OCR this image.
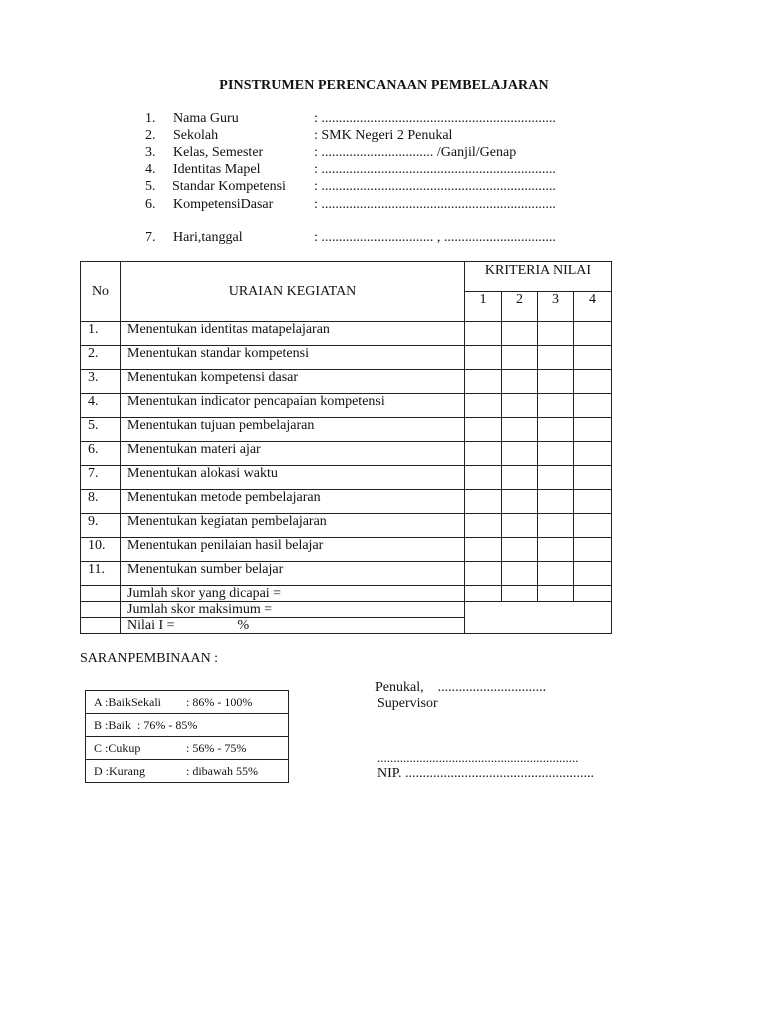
PINSTRUMEN PERENCANAAN PEMBELAJARAN
1.	Nama Guru	: ...................................................................
2.	Sekolah	: SMK Negeri 2 Penukal
3.	Kelas, Semester	: ................................ /Ganjil/Genap
4.	Identitas Mapel	: ...................................................................
5.	Standar Kompetensi : ...................................................................
6.	KompetensiDasar	: ...................................................................
7.	Hari,tanggal	: ................................ , ................................
No	URAIAN KEGIATAN	KRITERIA NILAI			
		1	2	3	4
1.	Menentukan identitas matapelajaran				
2.	Menentukan standar kompetensi				
3.	Menentukan kompetensi dasar				
4.	Menentukan indicator pencapaian kompetensi				
5.	Menentukan tujuan pembelajaran				
6.	Menentukan materi ajar				
7.	Menentukan alokasi waktu				
8.	Menentukan metode pembelajaran				
9.	Menentukan kegiatan pembelajaran				
10.	Menentukan penilaian hasil belajar				
11.	Menentukan sumber belajar				
	Jumlah skor yang dicapai =				
	Jumlah skor maksimum =				
	Nilai I =                  %				
SARANPEMBINAAN :
A :BaikSekali : 86% - 100%
B :Baik  : 76% - 85%
C :Cukup	: 56% - 75%
D :Kurang	: dibawah 55%
Penukal,    ...............................
Supervisor
..............................................................
NIP. ......................................................
